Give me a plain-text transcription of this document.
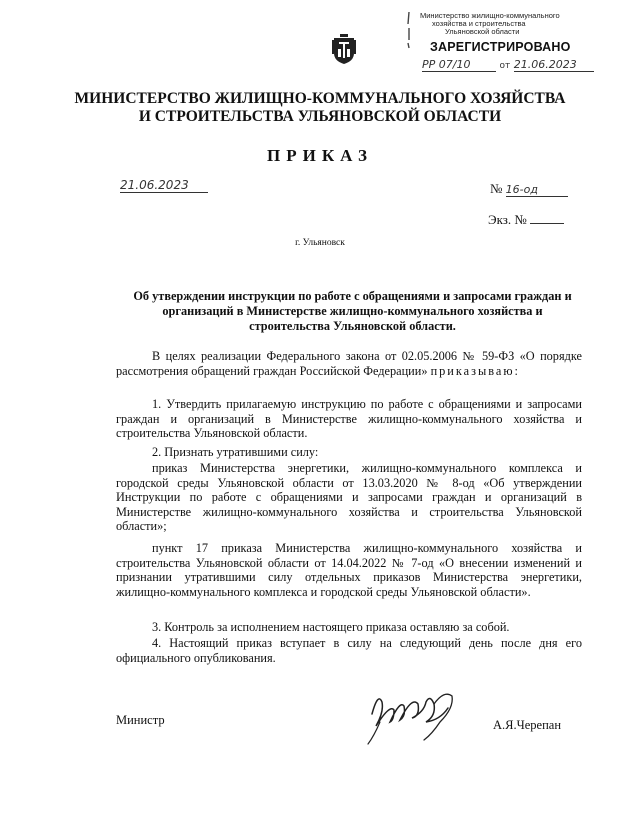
Министерство жилищно-коммунального
хозяйства и строительства
Ульяновской области
ЗАРЕГИСТРИРОВАНО
РР 07/10	от 21.06.2023
МИНИСТЕРСТВО ЖИЛИЩНО-КОММУНАЛЬНОГО ХОЗЯЙСТВА
И СТРОИТЕЛЬСТВА УЛЬЯНОВСКОЙ ОБЛАСТИ
ПРИКАЗ
21.06.2023	№ 16-од
Экз. №
г. Ульяновск
Об утверждении инструкции по работе с обращениями и запросами граждан и организаций в Министерстве жилищно-коммунального хозяйства и строительства Ульяновской области.
В целях реализации Федерального закона от 02.05.2006 № 59-ФЗ «О порядке рассмотрения обращений граждан Российской Федерации» приказываю:
1. Утвердить прилагаемую инструкцию по работе с обращениями и запросами граждан и организаций в Министерстве жилищно-коммунального хозяйства и строительства Ульяновской области.
2. Признать утратившими силу:
приказ Министерства энергетики, жилищно-коммунального комплекса и городской среды Ульяновской области от 13.03.2020 № 8-од «Об утверждении Инструкции по работе с обращениями и запросами граждан и организаций в Министерстве жилищно-коммунального хозяйства и строительства Ульяновской области»;
пункт 17 приказа Министерства жилищно-коммунального хозяйства и строительства Ульяновской области от 14.04.2022 № 7-од «О внесении изменений и признании утратившими силу отдельных приказов Министерства энергетики, жилищно-коммунального комплекса и городской среды Ульяновской области».
3. Контроль за исполнением настоящего приказа оставляю за собой.
4. Настоящий приказ вступает в силу на следующий день после дня его официального опубликования.
Министр	А.Я.Черепан
